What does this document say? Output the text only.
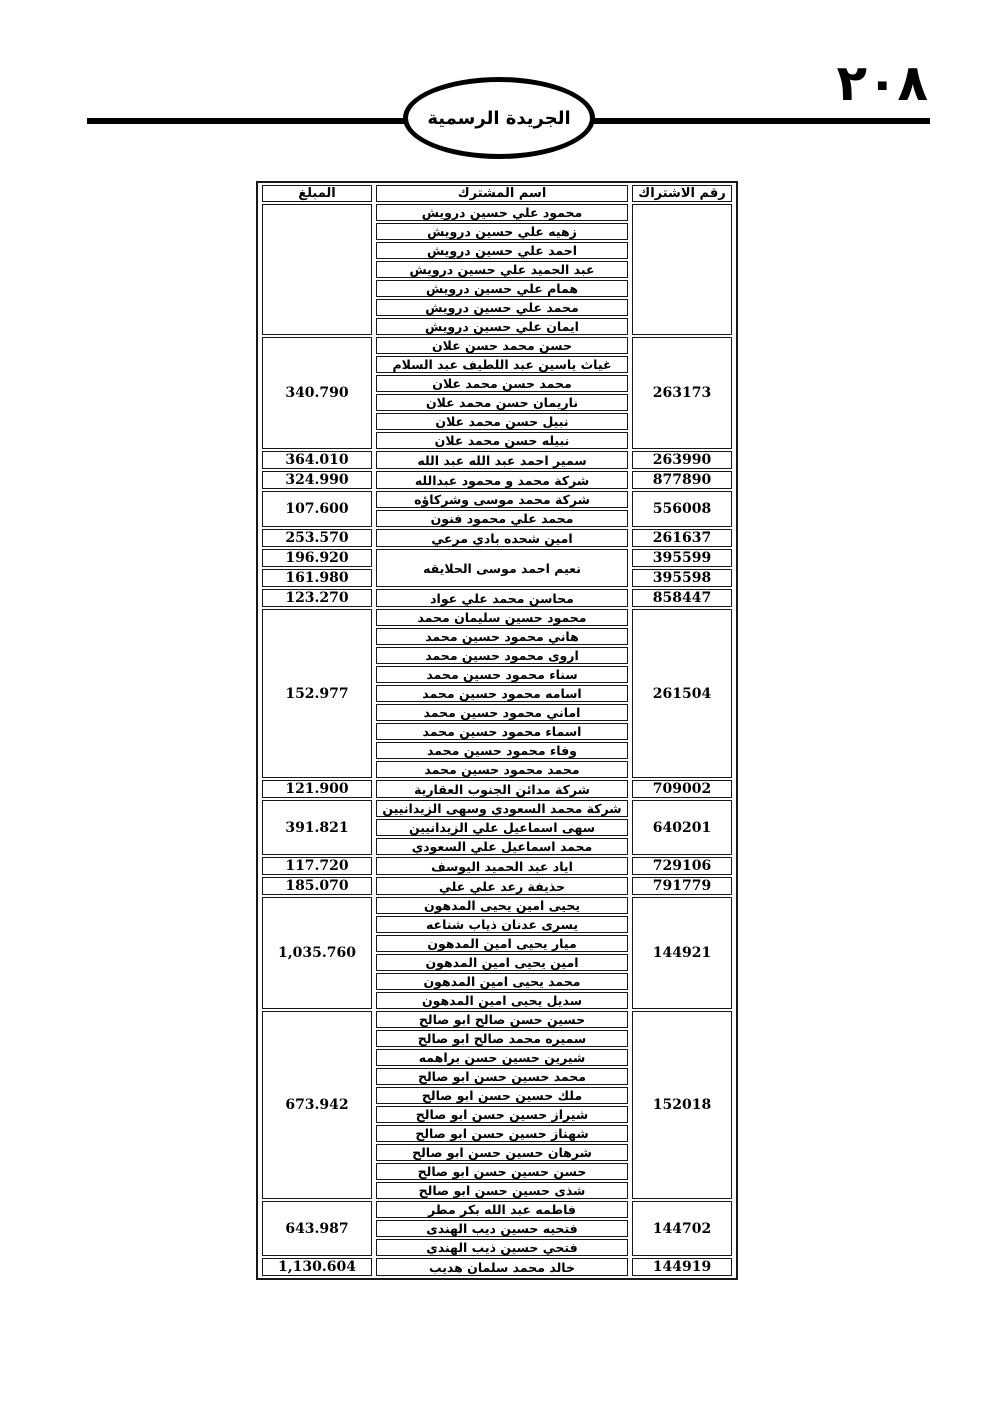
٢٠٨
الجريدة الرسمية
رقم الاشتراك	اسم المشترك	المبلغ
	محمود علي حسين درويش	
	زهيه علي حسين درويش	
	احمد علي حسين درويش	
	عبد الحميد علي حسين درويش	
	همام علي حسين درويش	
	محمد علي حسين درويش	
	ايمان علي حسين درويش	
263173	حسن محمد حسن علان	340.790
	غياث ياسين عبد اللطيف عبد السلام	
	محمد حسن محمد علان	
	ناريمان حسن محمد علان	
	نبيل حسن محمد علان	
	نبيله حسن محمد علان	
263990	سمير احمد عبد الله عبد الله	364.010
877890	شركة محمد و محمود عبدالله	324.990
556008	شركة محمد موسى وشركاؤه	107.600
	محمد علي محمود فنون	
261637	امين شحده بادي مرعي	253.570
395599	نعيم احمد موسى الحلايقه	196.920
395598		161.980
858447	محاسن محمد علي عواد	123.270
261504	محمود حسين سليمان محمد	152.977
	هاني محمود حسين محمد	
	اروى محمود حسين محمد	
	سناء محمود حسين محمد	
	اسامه محمود حسين محمد	
	اماني محمود حسين محمد	
	اسماء محمود حسين محمد	
	وفاء محمود حسين محمد	
	محمد محمود حسين محمد	
709002	شركة مدائن الجنوب العقارية	121.900
640201	شركة محمد السعودي وسهى الزيدانيين	391.821
	سهى اسماعيل علي الزيدانيين	
	محمد اسماعيل علي السعودي	
729106	اياد عبد الحميد اليوسف	117.720
791779	حذيفة رعد علي علي	185.070
144921	يحيى امين يحيى المدهون	1,035.760
	يسرى عدنان ذياب شناعه	
	ميار يحيى امين المدهون	
	امين يحيى امين المدهون	
	محمد يحيى امين المدهون	
	سديل يحيى امين المدهون	
152018	حسين حسن صالح ابو صالح	673.942
	سميره محمد صالح ابو صالح	
	شيرين حسين حسن براهمه	
	محمد حسين حسن ابو صالح	
	ملك حسين حسن ابو صالح	
	شيراز حسين حسن ابو صالح	
	شهناز حسين حسن ابو صالح	
	شرهان حسين حسن ابو صالح	
	حسن حسين حسن ابو صالح	
	شذى حسين حسن ابو صالح	
144702	فاطمه عبد الله بكر مطر	643.987
	فتحيه حسين ديب الهندى	
	فتحي حسين ذيب الهندي	
144919	خالد محمد سلمان هديب	1,130.604
